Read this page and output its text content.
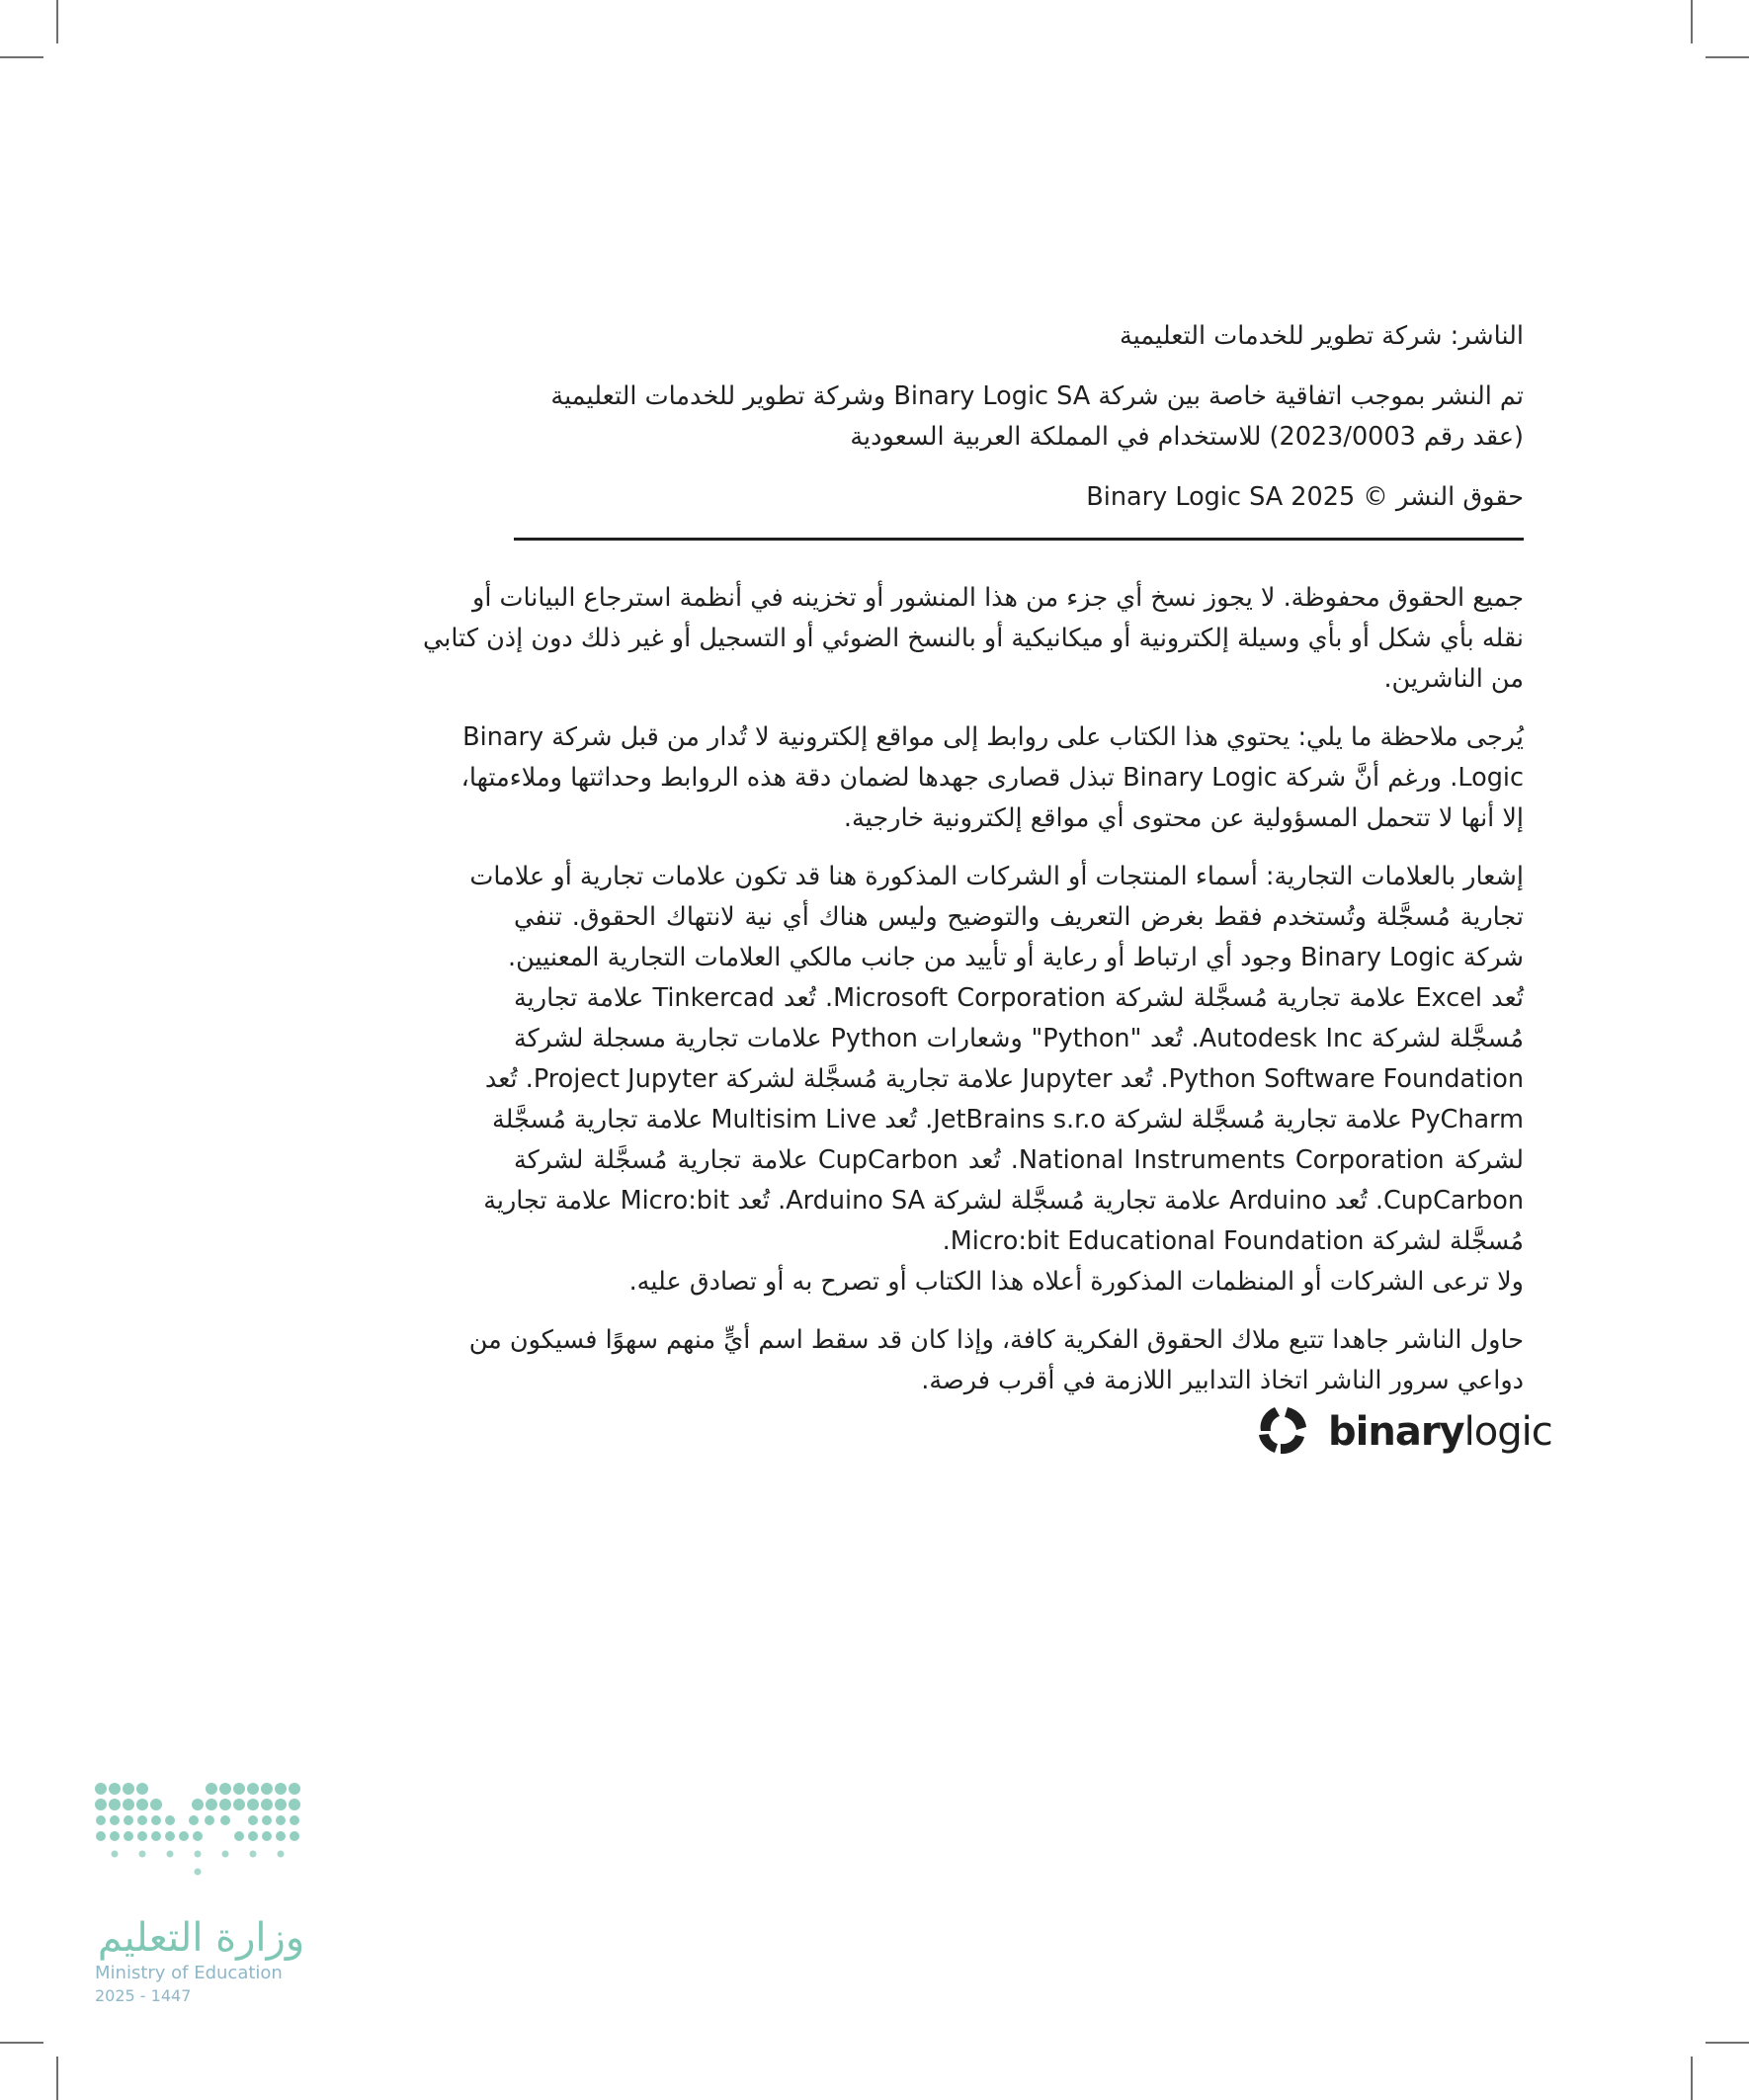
الناشر: شركة تطوير للخدمات التعليمية

تم النشر بموجب اتفاقية خاصة بين شركة Binary Logic SA وشركة تطوير للخدمات التعليمية

(عقد رقم 2023/0003) للاستخدام في المملكة العربية السعودية

حقوق النشر © Binary Logic SA 2025

جميع الحقوق محفوظة. لا يجوز نسخ أي جزء من هذا المنشور أو تخزينه في أنظمة استرجاع البيانات أو

نقله بأي شكل أو بأي وسيلة إلكترونية أو ميكانيكية أو بالنسخ الضوئي أو التسجيل أو غير ذلك دون إذن كتابي

من الناشرين.

يُرجى ملاحظة ما يلي: يحتوي هذا الكتاب على روابط إلى مواقع إلكترونية لا تُدار من قبل شركة Binary

Logic. ورغم أنَّ شركة Binary Logic تبذل قصارى جهدها لضمان دقة هذه الروابط وحداثتها وملاءمتها،

إلا أنها لا تتحمل المسؤولية عن محتوى أي مواقع إلكترونية خارجية.

إشعار بالعلامات التجارية: أسماء المنتجات أو الشركات المذكورة هنا قد تكون علامات تجارية أو علامات

تجارية مُسجَّلة وتُستخدم فقط بغرض التعريف والتوضيح وليس هناك أي نية لانتهاك الحقوق. تنفي

شركة Binary Logic وجود أي ارتباط أو رعاية أو تأييد من جانب مالكي العلامات التجارية المعنيين.

تُعد Excel علامة تجارية مُسجَّلة لشركة Microsoft Corporation. تُعد Tinkercad علامة تجارية

مُسجَّلة لشركة Autodesk Inc. تُعد "Python" وشعارات Python علامات تجارية مسجلة لشركة

Python Software Foundation. تُعد Jupyter علامة تجارية مُسجَّلة لشركة Project Jupyter. تُعد

PyCharm علامة تجارية مُسجَّلة لشركة JetBrains s.r.o. تُعد Multisim Live علامة تجارية مُسجَّلة

لشركة National Instruments Corporation. تُعد CupCarbon علامة تجارية مُسجَّلة لشركة

CupCarbon. تُعد Arduino علامة تجارية مُسجَّلة لشركة Arduino SA. تُعد Micro:bit علامة تجارية

مُسجَّلة لشركة Micro:bit Educational Foundation.

ولا ترعى الشركات أو المنظمات المذكورة أعلاه هذا الكتاب أو تصرح به أو تصادق عليه.

حاول الناشر جاهدا تتبع ملاك الحقوق الفكرية كافة، وإذا كان قد سقط اسم أيٍّ منهم سهوًا فسيكون من

دواعي سرور الناشر اتخاذ التدابير اللازمة في أقرب فرصة.

binarylogic
وزارة التعليم
Ministry of Education
2025 - 1447
